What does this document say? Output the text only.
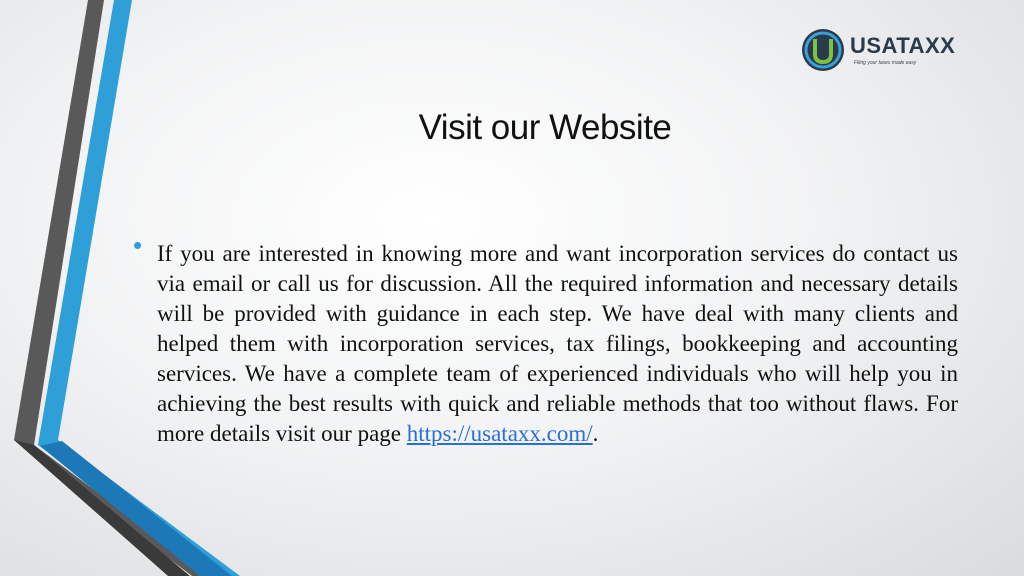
USATAXX
Filing your taxes made easy
Visit our Website
• If you are interested in knowing more and want incorporation services do contact us via email or call us for discussion. All the required information and necessary details will be provided with guidance in each step. We have deal with many clients and helped them with incorporation services, tax filings, bookkeeping and accounting services. We have a complete team of experienced individuals who will help you in achieving the best results with quick and reliable methods that too without flaws. For more details visit our page https://usataxx.com/.
